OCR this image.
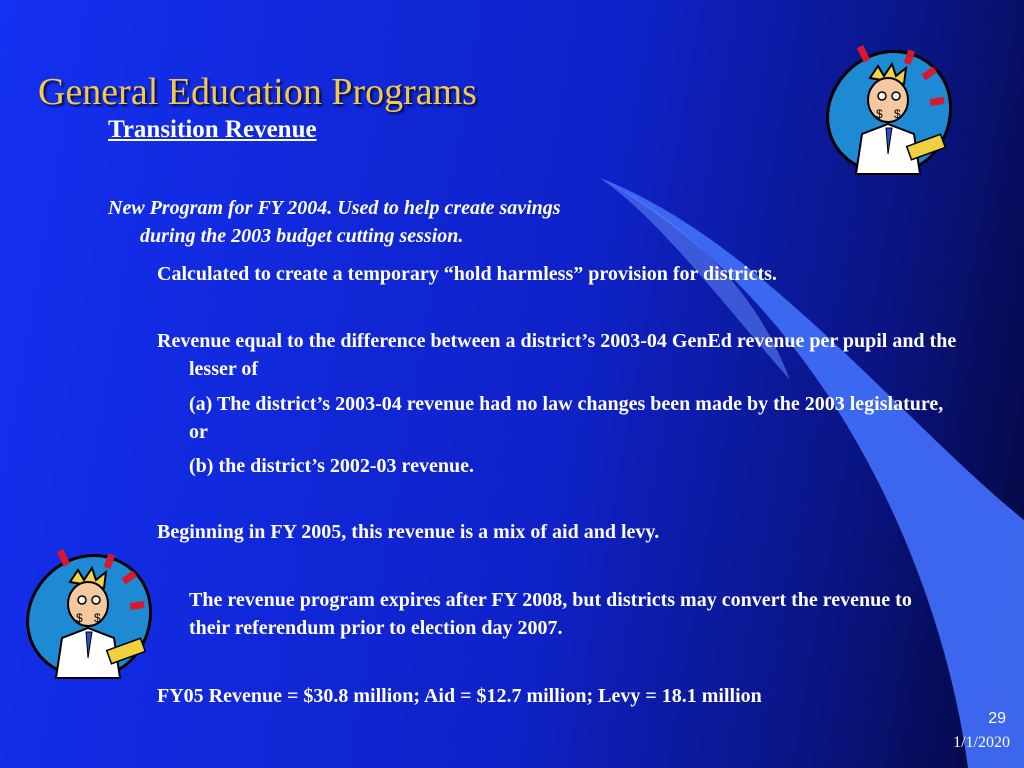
General Education Programs
Transition Revenue

New Program for FY 2004. Used to help create savings
during the 2003 budget cutting session.

Calculated to create a temporary “hold harmless” provision for districts.

Revenue equal to the difference between a district’s 2003-04 GenEd revenue per pupil and the lesser of

(a) The district’s 2003-04 revenue had no law changes been made by the 2003 legislature, or

(b) the district’s 2002-03 revenue.

Beginning in FY 2005, this revenue is a mix of aid and levy.

The revenue program expires after FY 2008, but districts may convert the revenue to their referendum prior to election day 2007.

FY05 Revenue = $30.8 million; Aid = $12.7 million; Levy = 18.1 million

29
1/1/2020
$ $
$ $
